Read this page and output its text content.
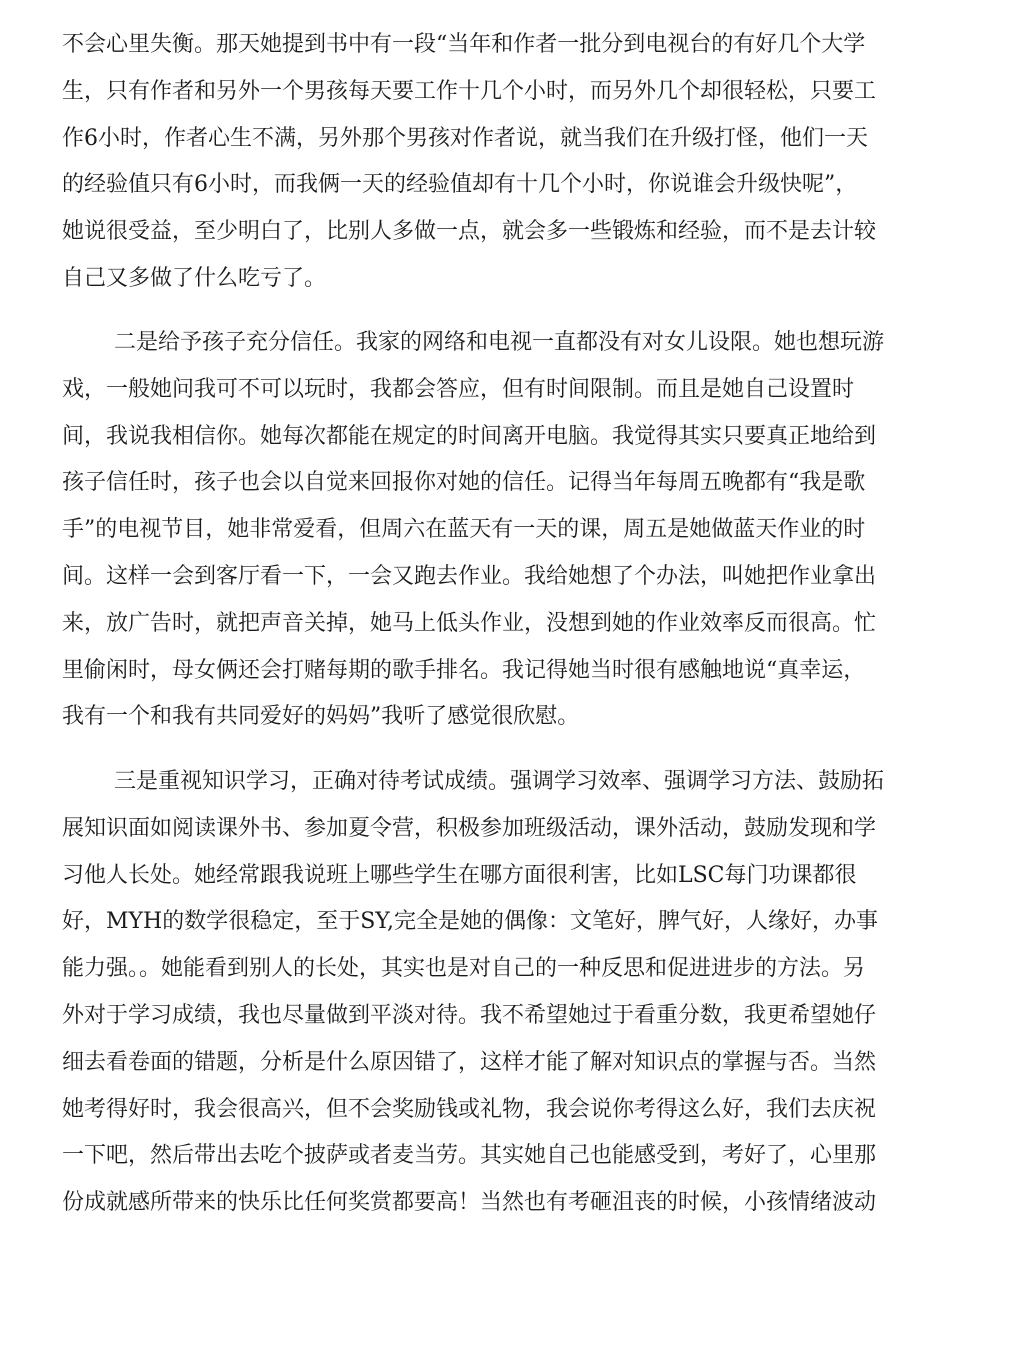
不会心里失衡。那天她提到书中有一段“当年和作者一批分到电视台的有好几个大学
生，只有作者和另外一个男孩每天要工作十几个小时，而另外几个却很轻松，只要工
作6小时，作者心生不满，另外那个男孩对作者说，就当我们在升级打怪，他们一天
的经验值只有6小时，而我俩一天的经验值却有十几个小时，你说谁会升级快呢”，
她说很受益，至少明白了，比别人多做一点，就会多一些锻炼和经验，而不是去计较
自己又多做了什么吃亏了。
二是给予孩子充分信任。我家的网络和电视一直都没有对女儿设限。她也想玩游
戏，一般她问我可不可以玩时，我都会答应，但有时间限制。而且是她自己设置时
间，我说我相信你。她每次都能在规定的时间离开电脑。我觉得其实只要真正地给到
孩子信任时，孩子也会以自觉来回报你对她的信任。记得当年每周五晚都有“我是歌
手”的电视节目，她非常爱看，但周六在蓝天有一天的课，周五是她做蓝天作业的时
间。这样一会到客厅看一下，一会又跑去作业。我给她想了个办法，叫她把作业拿出
来，放广告时，就把声音关掉，她马上低头作业，没想到她的作业效率反而很高。忙
里偷闲时，母女俩还会打赌每期的歌手排名。我记得她当时很有感触地说“真幸运，
我有一个和我有共同爱好的妈妈”我听了感觉很欣慰。
三是重视知识学习，正确对待考试成绩。强调学习效率、强调学习方法、鼓励拓
展知识面如阅读课外书、参加夏令营，积极参加班级活动，课外活动，鼓励发现和学
习他人长处。她经常跟我说班上哪些学生在哪方面很利害，比如LSC每门功课都很
好，MYH的数学很稳定，至于SY,完全是她的偶像：文笔好，脾气好，人缘好，办事
能力强。。她能看到别人的长处，其实也是对自己的一种反思和促进进步的方法。另
外对于学习成绩，我也尽量做到平淡对待。我不希望她过于看重分数，我更希望她仔
细去看卷面的错题，分析是什么原因错了，这样才能了解对知识点的掌握与否。当然
她考得好时，我会很高兴，但不会奖励钱或礼物，我会说你考得这么好，我们去庆祝
一下吧，然后带出去吃个披萨或者麦当劳。其实她自己也能感受到，考好了，心里那
份成就感所带来的快乐比任何奖赏都要高！当然也有考砸沮丧的时候，小孩情绪波动
